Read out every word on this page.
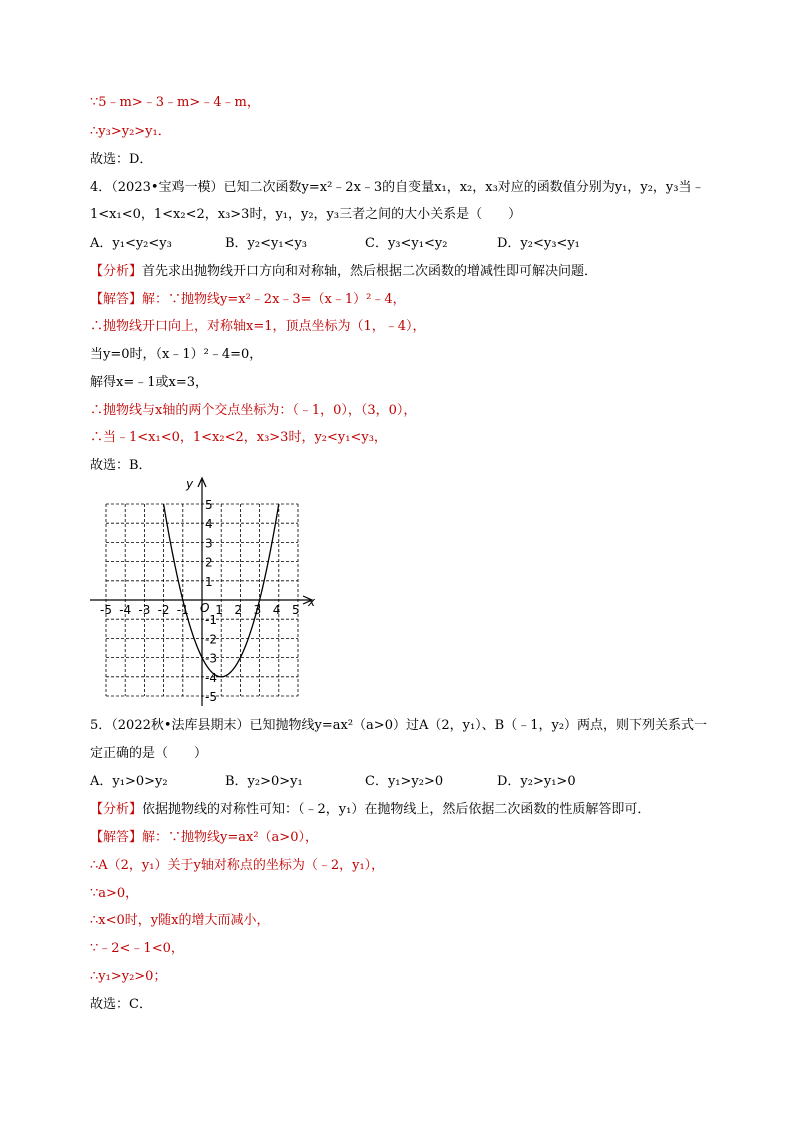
∵5﹣m>﹣3﹣m>﹣4﹣m，
∴y₃>y₂>y₁．
故选：D．
4．（2023•宝鸡一模）已知二次函数y=x²﹣2x﹣3的自变量x₁，x₂，x₃对应的函数值分别为y₁，y₂，y₃当﹣
1<x₁<0，1<x₂<2，x₃>3时，y₁，y₂，y₃三者之间的大小关系是（　　）
A．y₁<y₂<y₃	B．y₂<y₁<y₃	C．y₃<y₁<y₂	D．y₂<y₃<y₁
【分析】首先求出抛物线开口方向和对称轴，然后根据二次函数的增减性即可解决问题．
【解答】解：∵抛物线y=x²﹣2x﹣3=（x﹣1）²﹣4，
∴抛物线开口向上，对称轴x=1，顶点坐标为（1，﹣4），
当y=0时，（x﹣1）²﹣4=0，
解得x=﹣1或x=3，
∴抛物线与x轴的两个交点坐标为：（﹣1，0），（3，0），
∴当﹣1<x₁<0，1<x₂<2，x₃>3时，y₂<y₁<y₃，
故选：B．
-5 -4 -3 -2 -1 1 2 3 4 5
5
4
3
2
1
-1
-2
-3
-4
-5
x
y
O
5．（2022秋•法库县期末）已知抛物线y=ax²（a>0）过A（2，y₁）、B（﹣1，y₂）两点，则下列关系式一
定正确的是（　　）
A．y₁>0>y₂	B．y₂>0>y₁	C．y₁>y₂>0	D．y₂>y₁>0
【分析】依据抛物线的对称性可知：（﹣2，y₁）在抛物线上，然后依据二次函数的性质解答即可．
【解答】解：∵抛物线y=ax²（a>0），
∴A（2，y₁）关于y轴对称点的坐标为（﹣2，y₁），
∵a>0，
∴x<0时，y随x的增大而减小，
∵﹣2<﹣1<0，
∴y₁>y₂>0；
故选：C．
